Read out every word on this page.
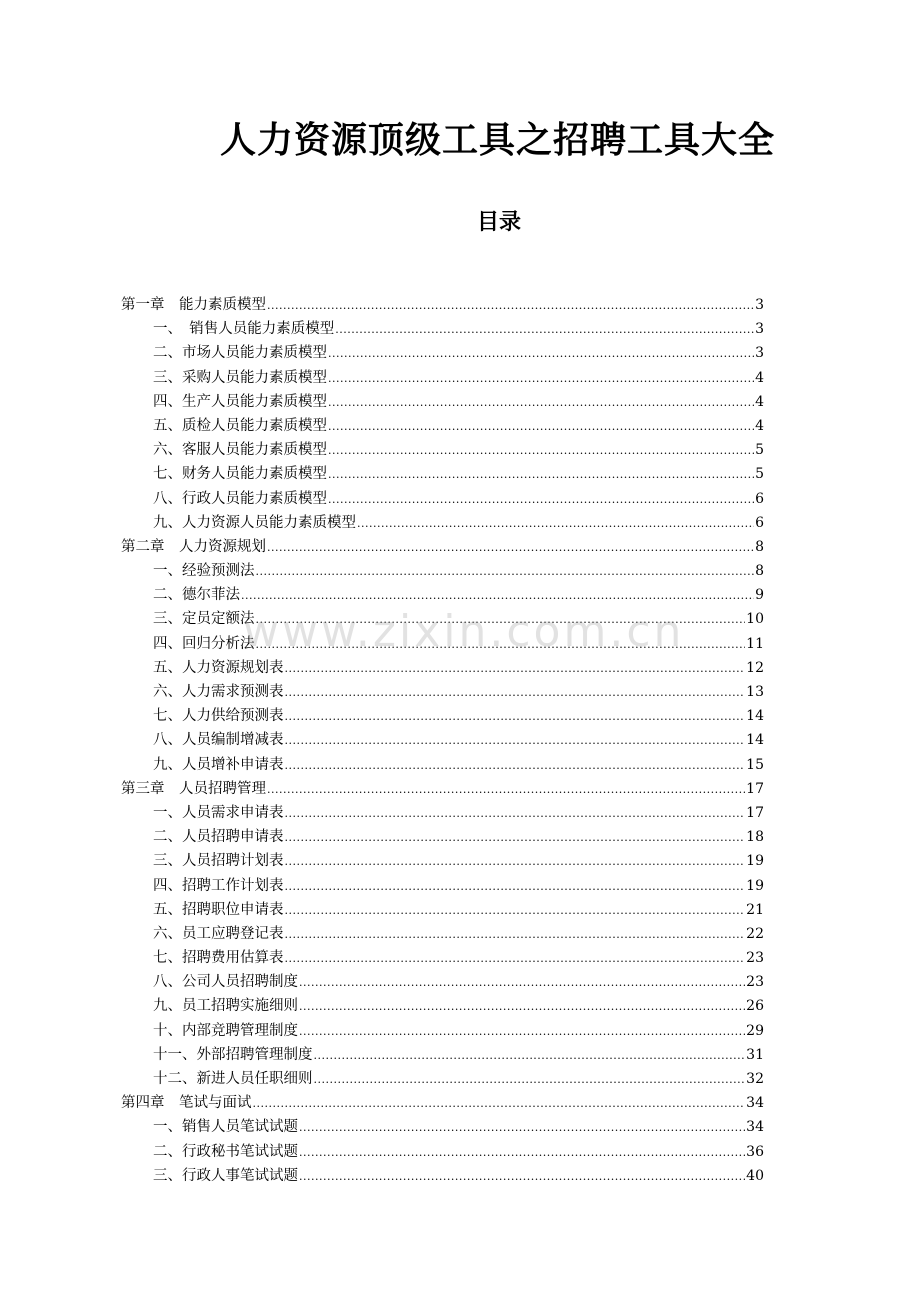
人力资源顶级工具之招聘工具大全
目录
第一章　能力素质模型 .....	3
一、　销售人员能力素质模型 .....	3
二、市场人员能力素质模型 .....	3
三、采购人员能力素质模型 .....	4
四、生产人员能力素质模型 .....	4
五、质检人员能力素质模型 .....	4
六、客服人员能力素质模型 .....	5
七、财务人员能力素质模型 .....	5
八、行政人员能力素质模型 .....	6
九、人力资源人员能力素质模型 .....	6
第二章　人力资源规划 .....	8
一、经验预测法 .....	8
二、德尔菲法 .....	9
三、定员定额法 .....	10
四、回归分析法 .....	11
五、人力资源规划表 .....	12
六、人力需求预测表 .....	13
七、人力供给预测表 .....	14
八、人员编制增减表 .....	14
九、人员增补申请表 .....	15
第三章　人员招聘管理 .....	17
一、人员需求申请表 .....	17
二、人员招聘申请表 .....	18
三、人员招聘计划表 .....	19
四、招聘工作计划表 .....	19
五、招聘职位申请表 .....	21
六、员工应聘登记表 .....	22
七、招聘费用估算表 .....	23
八、公司人员招聘制度 .....	23
九、员工招聘实施细则 .....	26
十、内部竞聘管理制度 .....	29
十一、外部招聘管理制度 .....	31
十二、新进人员任职细则 .....	32
第四章　笔试与面试 .....	34
一、销售人员笔试试题 .....	34
二、行政秘书笔试试题 .....	36
三、行政人事笔试试题 .....	40
www.zixin.com.cn
